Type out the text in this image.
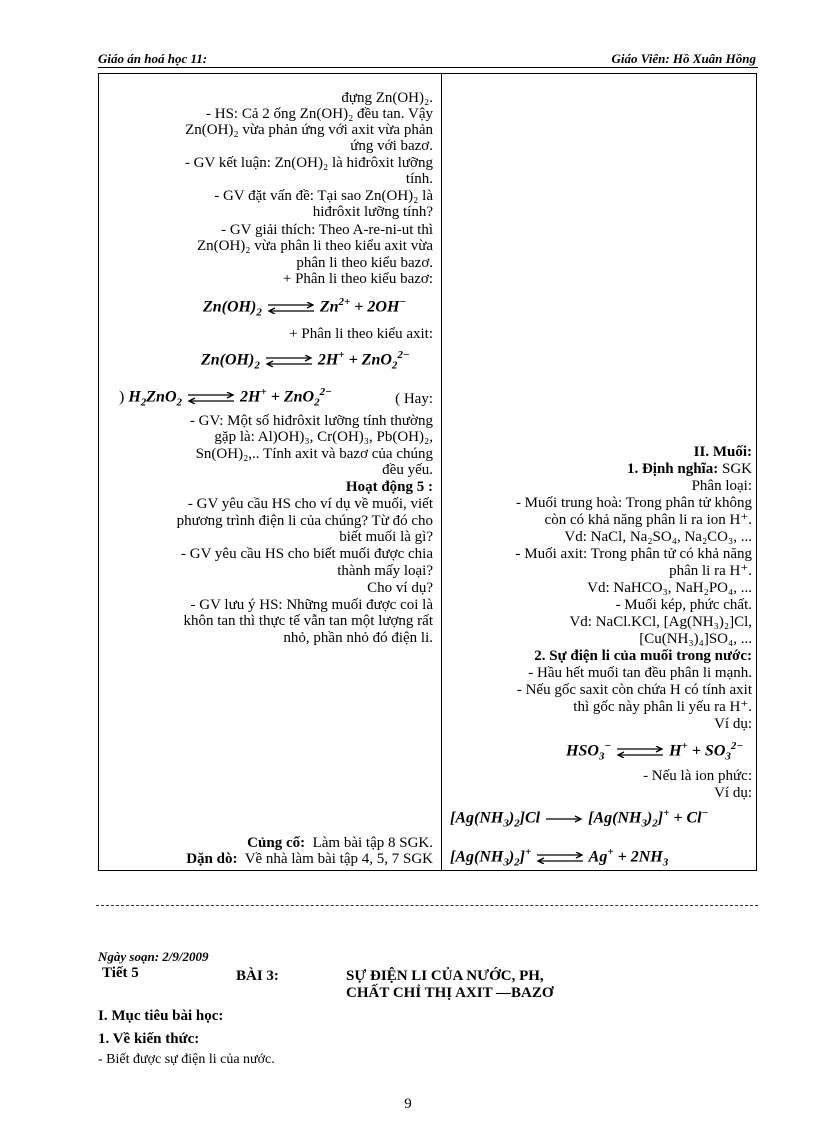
Giáo án hoá học 11:	Giáo Viên: Hồ Xuân Hồng
đựng Zn(OH)₂.
- HS: Cả 2 ống Zn(OH)₂ đều tan. Vậy
Zn(OH)₂ vừa phản ứng với axit vừa phản
ứng với bazơ.
- GV kết luận: Zn(OH)₂ là hiđrôxit lưỡng
tính.
- GV đặt vấn đề: Tại sao Zn(OH)₂ là
hiđrôxit lưỡng tính?
- GV giải thích: Theo A-re-ni-ut thì
Zn(OH)₂ vừa phân li theo kiểu axit vừa
phân li theo kiểu bazơ.
+ Phân li theo kiểu bazơ:
$Zn(OH)_2$ ⇌ $Zn^{2+} + 2OH^-$
+ Phân li theo kiểu axit:
$Zn(OH)_2$ ⇌ 2H+ + ZnO$_2^{2-}$
) $H_2ZnO_2$ ⇌ 2H+ + ZnO$_2^{2-}$	( Hay:
- GV: Một số hiđrôxit lưỡng tính thường
gặp là: Al)OH)₃, Cr(OH)₃, Pb(OH)₂,
Sn(OH)₂,.. Tính axit và bazơ của chúng
đều yếu.
Hoạt động 5 :
- GV yêu cầu HS cho ví dụ về muối, viết
phương trình điện li của chúng? Từ đó cho
biết muối là gì?
- GV yêu cầu HS cho biết muối được chia
thành mấy loại?
Cho ví dụ?
- GV lưu ý HS: Những muối được coi là
khôn tan thì thực tế vẫn tan một lượng rất
nhỏ, phần nhỏ đó điện li.
Củng cố: Làm bài tập 8 SGK.
Dặn dò: Về nhà làm bài tập 4, 5, 7 SGK
II. Muối:
1. Định nghĩa: SGK
Phân loại:
- Muối trung hoà: Trong phân tử không
còn có khả năng phân li ra ion H⁺.
Vd: NaCl, Na₂SO₄, Na₂CO₃, ...
- Muối axit: Trong phân tử có khả năng
phân li ra H⁺.
Vd: NaHCO₃, NaH₂PO₄, ...
- Muối kép, phức chất.
Vd: NaCl.KCl, [Ag(NH₃)₂]Cl,
[Cu(NH₃)₄]SO₄, ...
2. Sự điện li của muối trong nước:
- Hầu hết muối tan đều phân li mạnh.
- Nếu gốc saxit còn chứa H có tính axit
thì gốc này phân li yếu ra H⁺.
Ví dụ:
$HSO_3^-$ ⇌ $H^+ + SO_3^{2-}$
- Nếu là ion phức:
Ví dụ:
$[Ag(NH_3)_2]Cl$	$[Ag(NH_3)_2]^+ + Cl^-$
$[Ag(NH_3)_2]^+$ ⇌ $Ag^+ + 2NH_3$
Ngày soạn: 2/9/2009
Tiết 5	BÀI 3:	SỰ ĐIỆN LI CỦA NƯỚC, PH,
CHẤT CHỈ THỊ AXIT —BAZƠ
I. Mục tiêu bài học:
1. Về kiến thức:
- Biết được sự điện li của nước.
9
